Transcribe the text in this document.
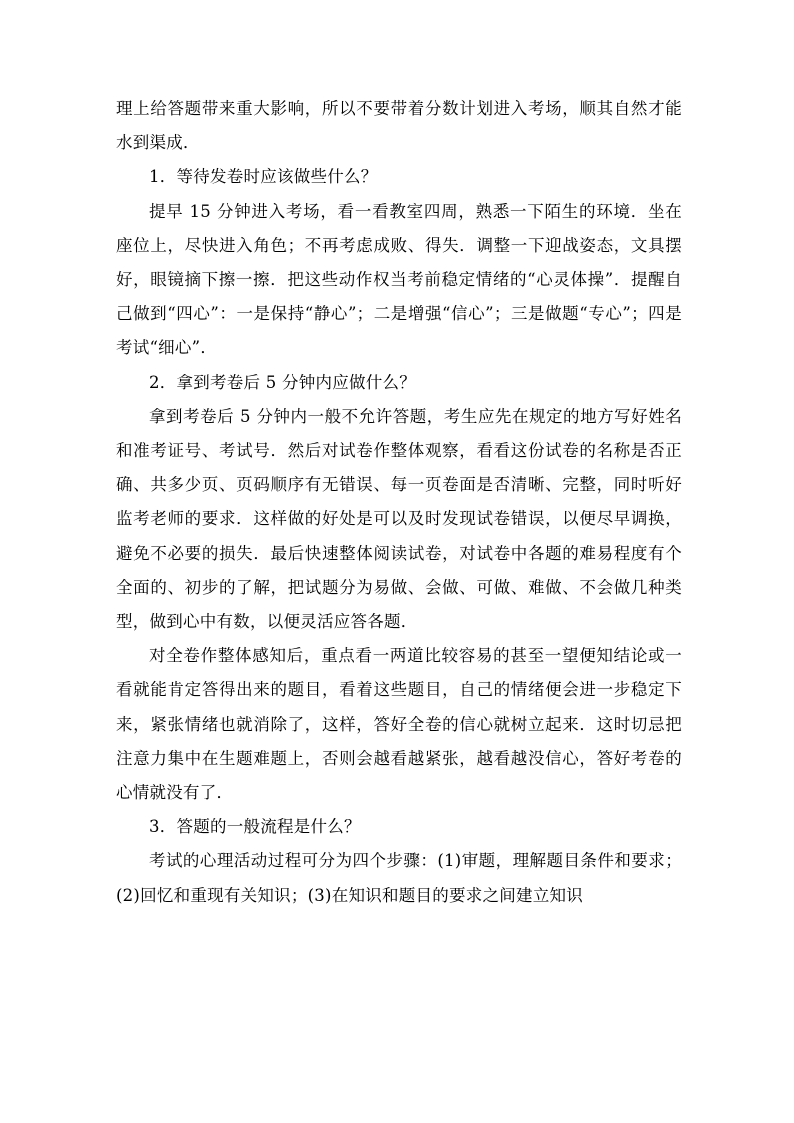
理上给答题带来重大影响，所以不要带着分数计划进入考场，顺其自然才能水到渠成．

1．等待发卷时应该做些什么？

提早 15 分钟进入考场，看一看教室四周，熟悉一下陌生的环境．坐在座位上，尽快进入角色；不再考虑成败、得失．调整一下迎战姿态，文具摆好，眼镜摘下擦一擦．把这些动作权当考前稳定情绪的“心灵体操”．提醒自己做到“四心”：一是保持“静心”；二是增强“信心”；三是做题“专心”；四是考试“细心”．

2．拿到考卷后 5 分钟内应做什么？

拿到考卷后 5 分钟内一般不允许答题，考生应先在规定的地方写好姓名和准考证号、考试号．然后对试卷作整体观察，看看这份试卷的名称是否正确、共多少页、页码顺序有无错误、每一页卷面是否清晰、完整，同时听好监考老师的要求．这样做的好处是可以及时发现试卷错误，以便尽早调换，避免不必要的损失．最后快速整体阅读试卷，对试卷中各题的难易程度有个全面的、初步的了解，把试题分为易做、会做、可做、难做、不会做几种类型，做到心中有数，以便灵活应答各题．

对全卷作整体感知后，重点看一两道比较容易的甚至一望便知结论或一看就能肯定答得出来的题目，看着这些题目，自己的情绪便会进一步稳定下来，紧张情绪也就消除了，这样，答好全卷的信心就树立起来．这时切忌把注意力集中在生题难题上，否则会越看越紧张，越看越没信心，答好考卷的心情就没有了．

3．答题的一般流程是什么？

考试的心理活动过程可分为四个步骤：(1)审题，理解题目条件和要求；(2)回忆和重现有关知识；(3)在知识和题目的要求之间建立知识
